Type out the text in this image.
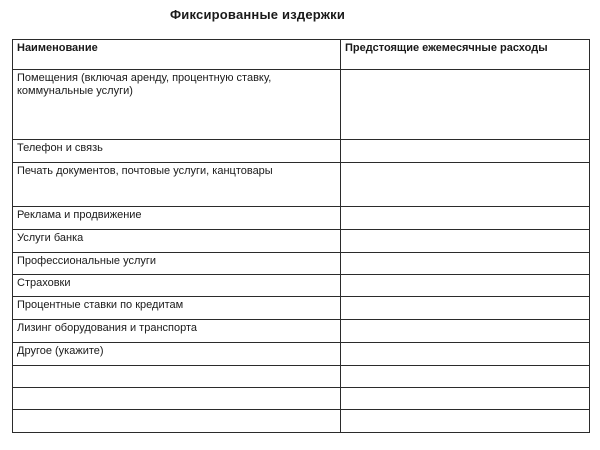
Фиксированные издержки
Наименование	Предстоящие ежемесячные расходы
Помещения (включая аренду, процентную ставку, коммунальные услуги)	
Телефон и связь	
Печать документов, почтовые услуги, канцтовары	
Реклама и продвижение	
Услуги банка	
Профессиональные услуги	
Страховки	
Процентные ставки по кредитам	
Лизинг оборудования и транспорта	
Другое (укажите)	
